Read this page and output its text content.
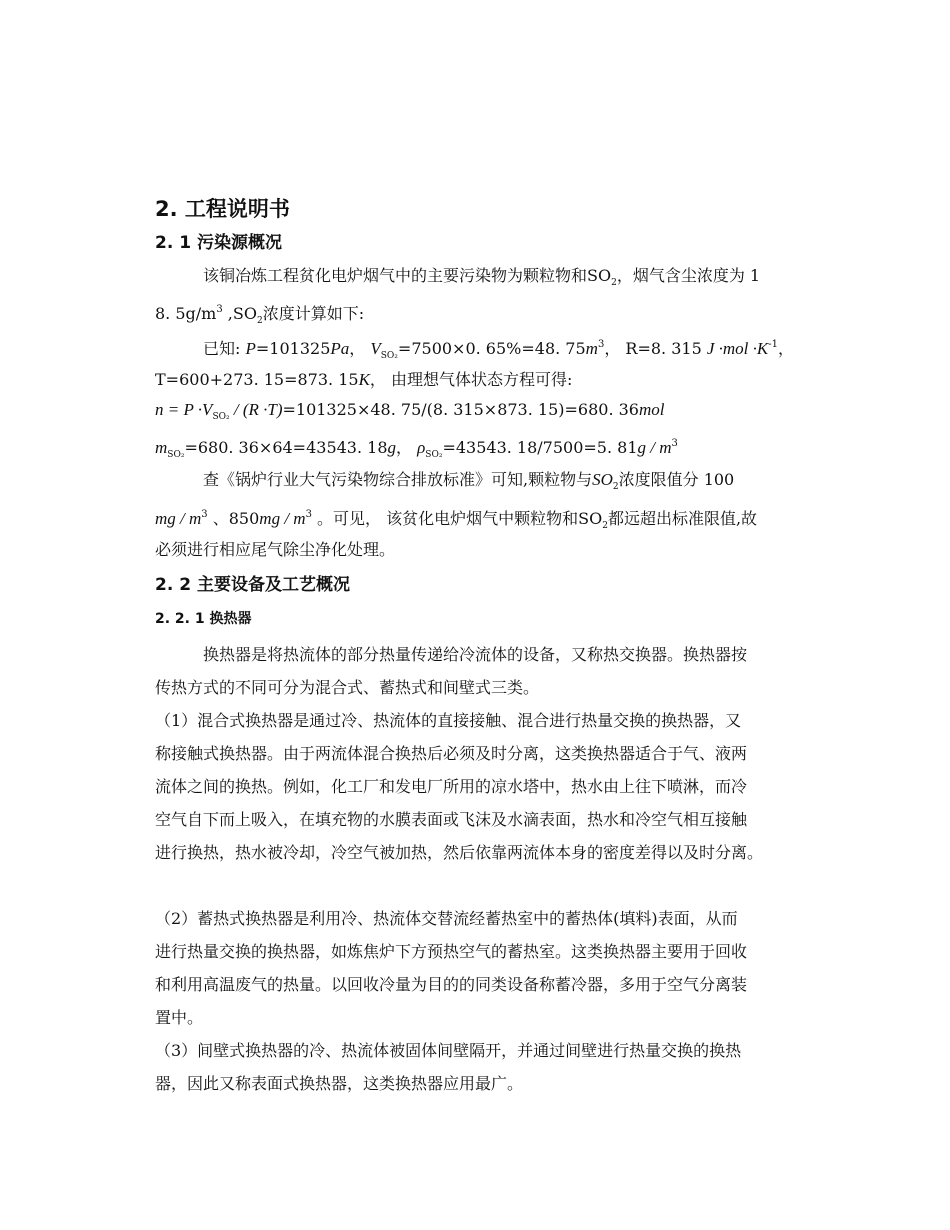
2. 工程说明书
2. 1 污染源概况
该铜冶炼工程贫化电炉烟气中的主要污染物为颗粒物和$SO_2$，烟气含尘浓度为 1
8. $5g/m^3$ $,SO_2$浓度计算如下:
已知: P=101325Pa， $V_{SO_2}=7500\times 0$. 65%=48. $75m^3$， R=8. 315 $J \cdot mol \cdot K^{-1}$，
T=600+273. 15=873. 15K， 由理想气体状态方程可得:
$n = P \cdot V_{SO_2} / (R \cdot T)=101325\times 48$. 75/(8. 315×873. 15)=680. 36mol
$m_{SO_2}=680$. 36×64=43543. 18g， $\rho_{SO_2}=43543$. 18/7500=5. $81g / m^3$
查《锅炉行业大气污染物综合排放标准》可知,颗粒物与$SO_2$浓度限值分 100
mg / $m^3$ 、$850mg / m^3$ 。可见， 该贫化电炉烟气中颗粒物和$SO_2$都远超出标准限值,故
必须进行相应尾气除尘净化处理。
2. 2 主要设备及工艺概况
2. 2. 1 换热器
换热器是将热流体的部分热量传递给冷流体的设备，又称热交换器。换热器按
传热方式的不同可分为混合式、蓄热式和间壁式三类。
（1）混合式换热器是通过冷、热流体的直接接触、混合进行热量交换的换热器，又
称接触式换热器。由于两流体混合换热后必须及时分离，这类换热器适合于气、液两
流体之间的换热。例如，化工厂和发电厂所用的凉水塔中，热水由上往下喷淋，而冷
空气自下而上吸入，在填充物的水膜表面或飞沫及水滴表面，热水和冷空气相互接触
进行换热，热水被冷却，冷空气被加热，然后依靠两流体本身的密度差得以及时分离。
（2）蓄热式换热器是利用冷、热流体交替流经蓄热室中的蓄热体(填料)表面，从而
进行热量交换的换热器，如炼焦炉下方预热空气的蓄热室。这类换热器主要用于回收
和利用高温废气的热量。以回收冷量为目的的同类设备称蓄冷器，多用于空气分离装
置中。
（3）间壁式换热器的冷、热流体被固体间壁隔开，并通过间壁进行热量交换的换热
器，因此又称表面式换热器，这类换热器应用最广。
